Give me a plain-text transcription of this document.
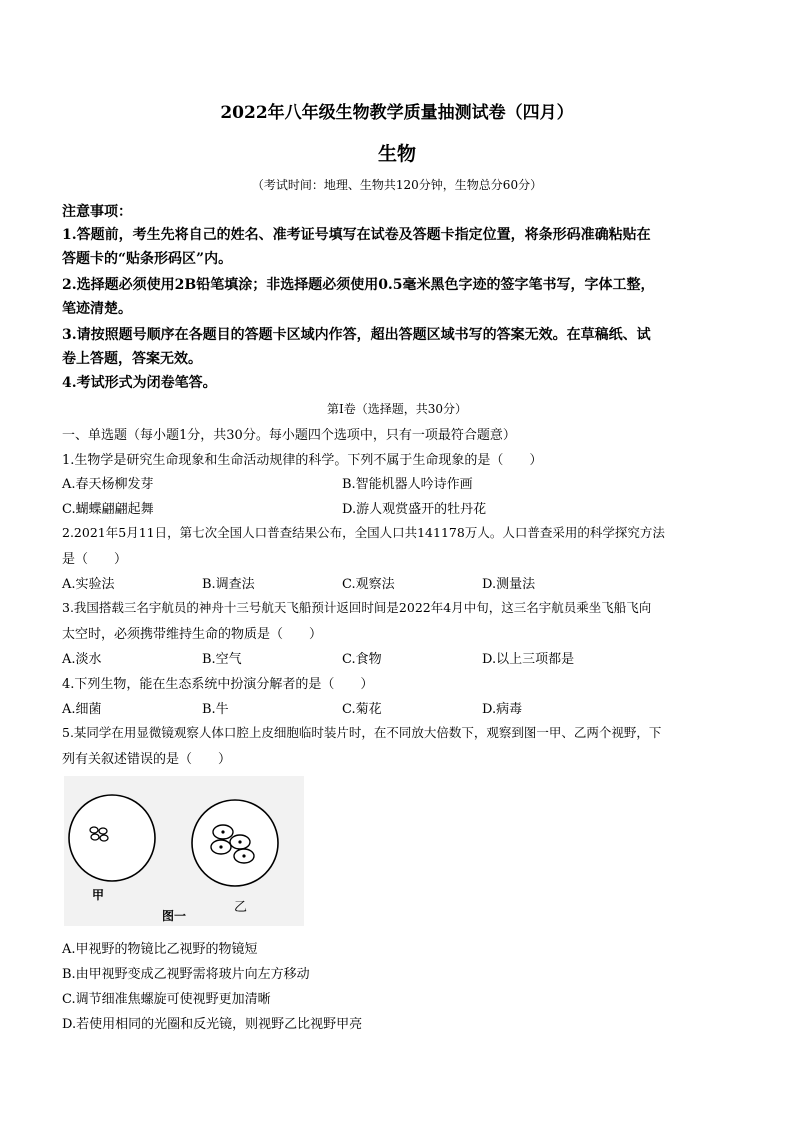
2022年八年级生物教学质量抽测试卷（四月）
生物
（考试时间：地理、生物共120分钟，生物总分60分）
注意事项：
1.答题前，考生先将自己的姓名、准考证号填写在试卷及答题卡指定位置，将条形码准确粘贴在
答题卡的“贴条形码区”内。
2.选择题必须使用2B铅笔填涂；非选择题必须使用0.5毫米黑色字迹的签字笔书写，字体工整，
笔迹清楚。
3.请按照题号顺序在各题目的答题卡区域内作答，超出答题区域书写的答案无效。在草稿纸、试
卷上答题，答案无效。
4.考试形式为闭卷笔答。
第I卷（选择题，共30分）
一、单选题（每小题1分，共30分。每小题四个选项中，只有一项最符合题意）
1.生物学是研究生命现象和生命活动规律的科学。下列不属于生命现象的是（　　）
A.春天杨柳发芽	B.智能机器人吟诗作画
C.蝴蝶翩翩起舞	D.游人观赏盛开的牡丹花
2.2021年5月11日，第七次全国人口普查结果公布，全国人口共141178万人。人口普查采用的科学探究方法
是（　　）
A.实验法	B.调查法	C.观察法	D.测量法
3.我国搭载三名宇航员的神舟十三号航天飞船预计返回时间是2022年4月中旬，这三名宇航员乘坐飞船飞向
太空时，必须携带维持生命的物质是（　　）
A.淡水	B.空气	C.食物	D.以上三项都是
4.下列生物，能在生态系统中扮演分解者的是（　　）
A.细菌	B.牛	C.菊花	D.病毒
5.某同学在用显微镜观察人体口腔上皮细胞临时装片时，在不同放大倍数下，观察到图一甲、乙两个视野，下
列有关叙述错误的是（　　）
甲
乙
图一
A.甲视野的物镜比乙视野的物镜短
B.由甲视野变成乙视野需将玻片向左方移动
C.调节细准焦螺旋可使视野更加清晰
D.若使用相同的光圈和反光镜，则视野乙比视野甲亮
